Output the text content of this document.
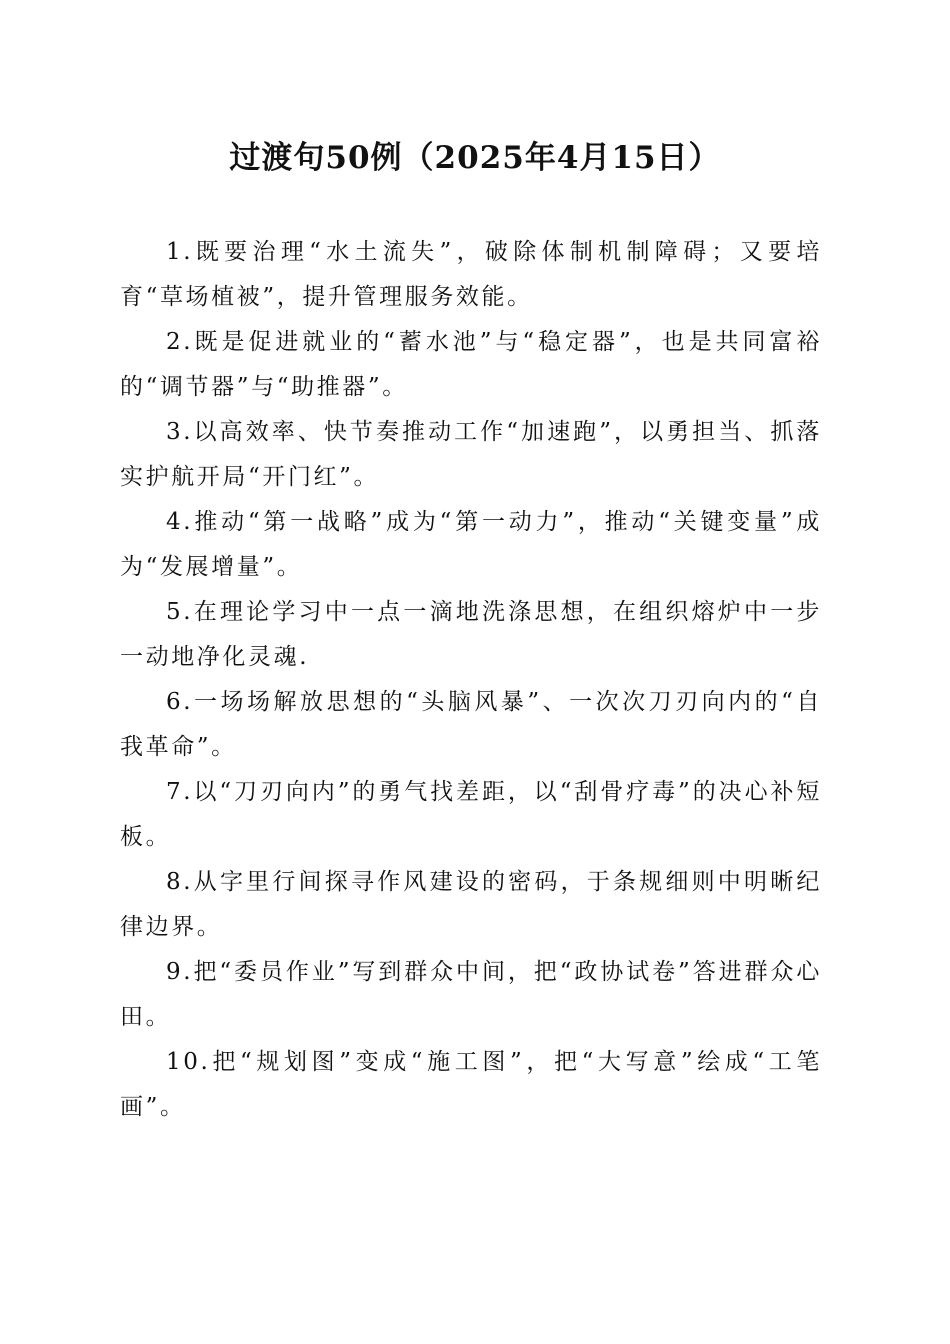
过渡句50例（2025年4月15日）

1.既要治理“水土流失”，破除体制机制障碍；又要培育“草场植被”，提升管理服务效能。

2.既是促进就业的“蓄水池”与“稳定器”，也是共同富裕的“调节器”与“助推器”。

3.以高效率、快节奏推动工作“加速跑”，以勇担当、抓落实护航开局“开门红”。

4.推动“第一战略”成为“第一动力”，推动“关键变量”成为“发展增量”。

5.在理论学习中一点一滴地洗涤思想，在组织熔炉中一步一动地净化灵魂.

6.一场场解放思想的“头脑风暴”、一次次刀刃向内的“自我革命”。

7.以“刀刃向内”的勇气找差距，以“刮骨疗毒”的决心补短板。

8.从字里行间探寻作风建设的密码，于条规细则中明晰纪律边界。

9.把“委员作业”写到群众中间，把“政协试卷”答进群众心田。

10.把“规划图”变成“施工图”，把“大写意”绘成“工笔画”。
